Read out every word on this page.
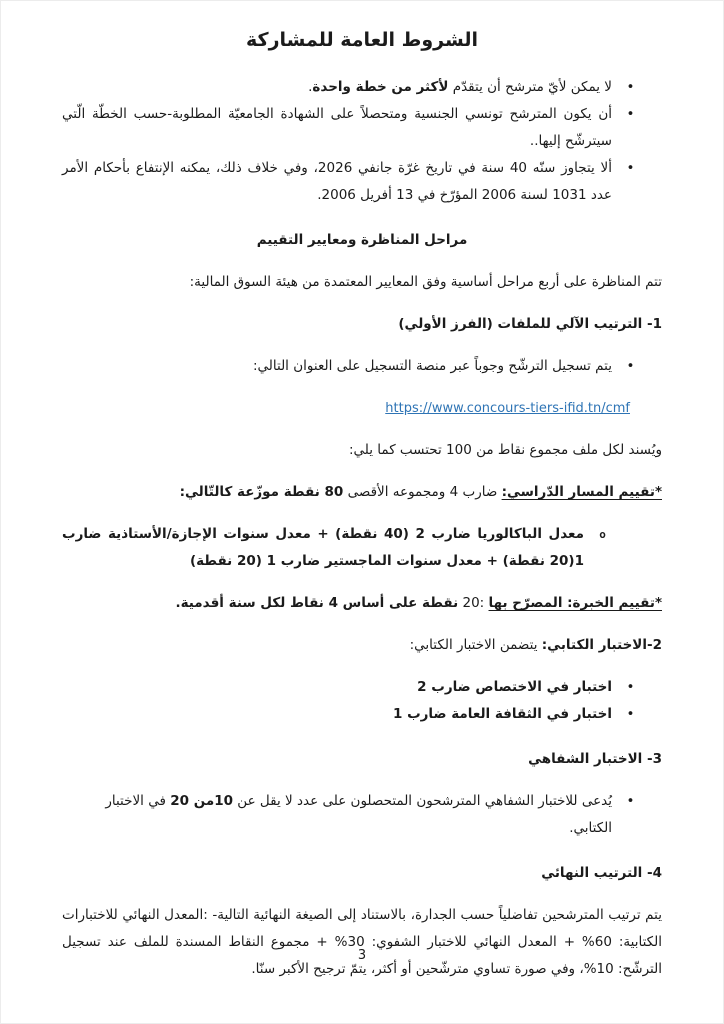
الشروط العامة للمشاركة
•
لا يمكن لأيّ مترشح أن يتقدّم لأكثر من خطة واحدة.
•
أن يكون المترشح تونسي الجنسية ومتحصلاً على الشهادة الجامعيّة المطلوبة-حسب الخطّة الّتي سيترشّح إليها..
•
ألا يتجاوز سنّه 40 سنة في تاريخ غرّة جانفي 2026، وفي خلاف ذلك، يمكنه الإنتفاع بأحكام الأمر عدد 1031 لسنة 2006 المؤرّخ في 13 أفريل 2006.
مراحل المناظرة ومعايير التقييم

تتم المناظرة على أربع مراحل أساسية وفق المعايير المعتمدة من هيئة السوق المالية:

1- الترتيب الآلي للملفات (الفرز الأولي)
•
يتم تسجيل الترشّح وجوباً عبر منصة التسجيل على العنوان التالي:

https://www.concours-tiers-ifid.tn/cmf

ويُسند لكل ملف مجموع نقاط من 100 تحتسب كما يلي:

*تقييم المسار الدّراسي: ضارب 4 ومجموعه الأقصى 80 نقطة موزّعة كالتّالي:

o
معدل الباكالوريا ضارب 2 (40 نقطة) + معدل سنوات الإجازة/الأستاذية ضارب 1(20 نقطة) + معدل سنوات الماجستير ضارب 1 (20 نقطة)

*تقييم الخبرة: المصرّح بها :20 نقطة على أساس 4 نقاط لكل سنة أقدمية.

2-الاختبار الكتابي: يتضمن الاختبار الكتابي:
•
اختبار في الاختصاص ضارب 2
•
اختبار في الثقافة العامة ضارب 1
3- الاختبار الشفاهي
•
يُدعى للاختبار الشفاهي المترشحون المتحصلون على عدد لا يقل عن 10من 20 في الاختبار الكتابي.
4- الترتيب النهائي

يتم ترتيب المترشحين تفاضلياً حسب الجدارة، بالاستناد إلى الصيغة النهائية التالية- :المعدل النهائي للاختبارات الكتابية: 60% + المعدل النهائي للاختبار الشفوي: 30% + مجموع النقاط المسندة للملف عند تسجيل الترشّح: 10%، وفي صورة تساوي مترشّحين أو أكثر، يتمّ ترجيح الأكبر سنّا.

3
